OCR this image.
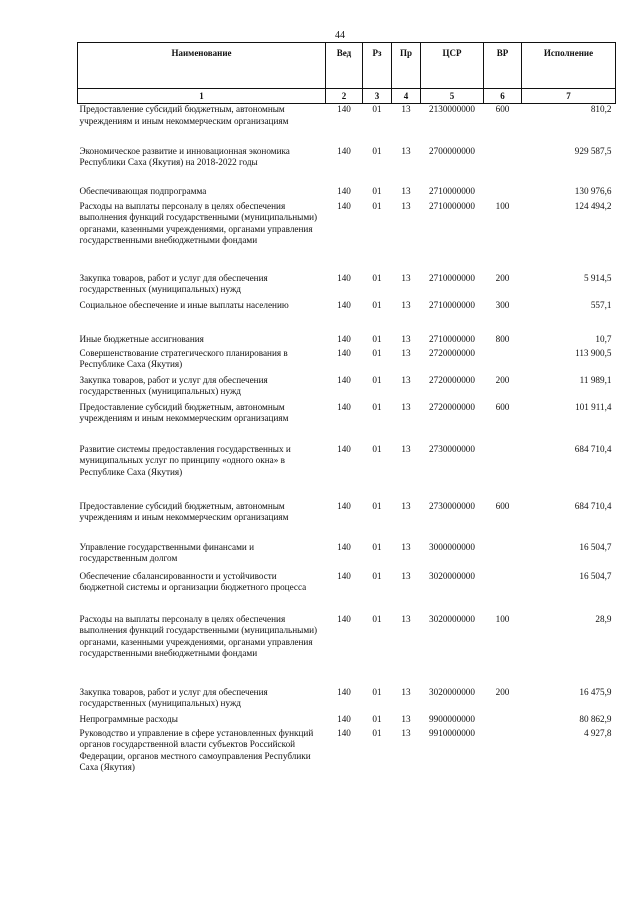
44
Наименование	Вед	Рз	Пр	ЦСР	ВР	Исполнение
1	2	3	4	5	6	7
Предоставление субсидий бюджетным, автономным учреждениям и иным некоммерческим организациям	140	01	13	2130000000	600	810,2
Экономическое развитие и инновационная экономика Республики Саха (Якутия) на 2018-2022 годы	140	01	13	2700000000		929 587,5
Обеспечивающая подпрограмма	140	01	13	2710000000		130 976,6
Расходы на выплаты персоналу в целях обеспечения выполнения функций государственными (муниципальными) органами, казенными учреждениями, органами управления государственными внебюджетными фондами	140	01	13	2710000000	100	124 494,2
Закупка товаров, работ и услуг для обеспечения государственных (муниципальных) нужд	140	01	13	2710000000	200	5 914,5
Социальное обеспечение и иные выплаты населению	140	01	13	2710000000	300	557,1
Иные бюджетные ассигнования	140	01	13	2710000000	800	10,7
Совершенствование стратегического планирования в Республике Саха (Якутия)	140	01	13	2720000000		113 900,5
Закупка товаров, работ и услуг для обеспечения государственных (муниципальных) нужд	140	01	13	2720000000	200	11 989,1
Предоставление субсидий бюджетным, автономным учреждениям и иным некоммерческим организациям	140	01	13	2720000000	600	101 911,4
Развитие системы предоставления государственных и муниципальных услуг по принципу «одного окна» в Республике Саха (Якутия)	140	01	13	2730000000		684 710,4
Предоставление субсидий бюджетным, автономным учреждениям и иным некоммерческим организациям	140	01	13	2730000000	600	684 710,4
Управление государственными финансами и государственным долгом	140	01	13	3000000000		16 504,7
Обеспечение сбалансированности и устойчивости бюджетной системы и организации бюджетного процесса	140	01	13	3020000000		16 504,7
Расходы на выплаты персоналу в целях обеспечения выполнения функций государственными (муниципальными) органами, казенными учреждениями, органами управления государственными внебюджетными фондами	140	01	13	3020000000	100	28,9
Закупка товаров, работ и услуг для обеспечения государственных (муниципальных) нужд	140	01	13	3020000000	200	16 475,9
Непрограммные расходы	140	01	13	9900000000		80 862,9
Руководство и управление в сфере установленных функций органов государственной власти субъектов Российской Федерации, органов местного самоуправления Республики Саха (Якутия)	140	01	13	9910000000		4 927,8
